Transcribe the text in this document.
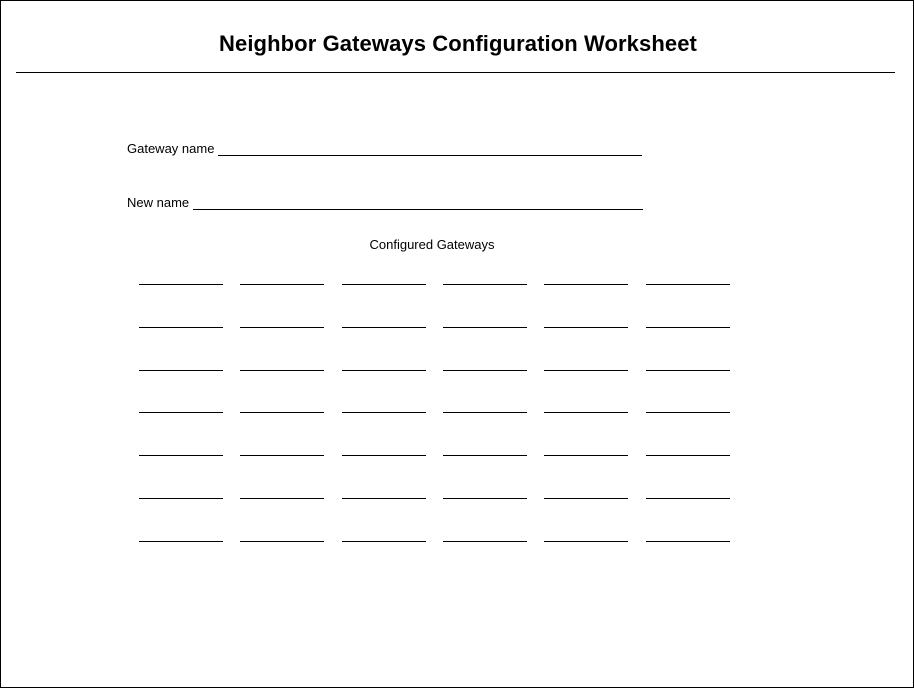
Neighbor Gateways Configuration Worksheet
Gateway name
New name
Configured Gateways
